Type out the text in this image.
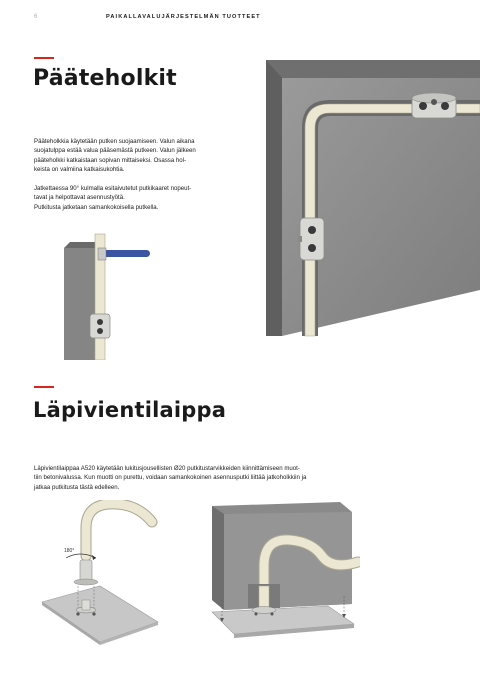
6	PAIKALLAVALUJÄRJESTELMÄN TUOTTEET
Pääteholkit

Pääteholkkia käytetään putken suojaamiseen. Valun aikana

suojatulppa estää valua pääsemästä putkeen. Valun jälkeen

pääteholkki katkaistaan sopivan mittaiseksi. Osassa hol-

keista on valmiina katkaisukohtia.

Jatkettaessa 90° kulmalla esitaivutetut putkikaaret nopeut-

tavat ja helpottavat asennustyötä.

Putkitusta jatketaan samankokoisella putkella.

Läpivientilaippa

Läpivientilaippaa A520 käytetään lukitusjousellisten Ø20 putkitustarvikkeiden kiinnittämiseen muot-

tiin betonivalussa. Kun muotti on purettu, voidaan samankokoinen asennusputki liittää jatkoholkkiin ja

jatkaa putkitusta tästä edelleen.

180°
